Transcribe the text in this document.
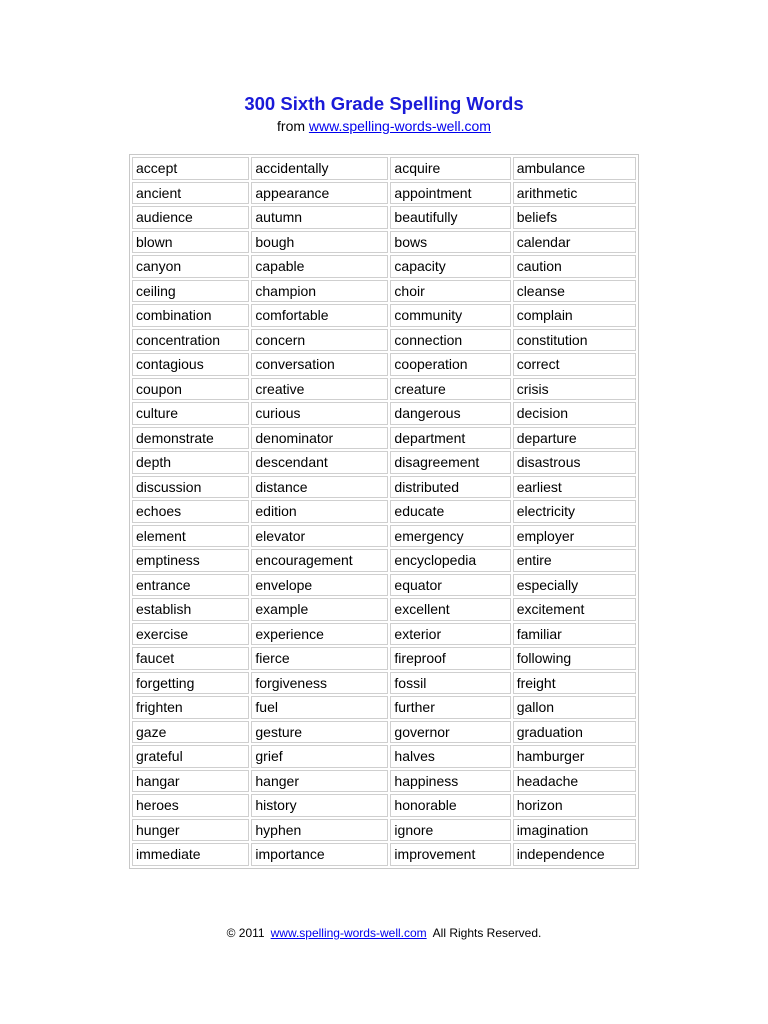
300 Sixth Grade Spelling Words
from www.spelling-words-well.com
accept	accidentally	acquire	ambulance
ancient	appearance	appointment	arithmetic
audience	autumn	beautifully	beliefs
blown	bough	bows	calendar
canyon	capable	capacity	caution
ceiling	champion	choir	cleanse
combination	comfortable	community	complain
concentration	concern	connection	constitution
contagious	conversation	cooperation	correct
coupon	creative	creature	crisis
culture	curious	dangerous	decision
demonstrate	denominator	department	departure
depth	descendant	disagreement	disastrous
discussion	distance	distributed	earliest
echoes	edition	educate	electricity
element	elevator	emergency	employer
emptiness	encouragement	encyclopedia	entire
entrance	envelope	equator	especially
establish	example	excellent	excitement
exercise	experience	exterior	familiar
faucet	fierce	fireproof	following
forgetting	forgiveness	fossil	freight
frighten	fuel	further	gallon
gaze	gesture	governor	graduation
grateful	grief	halves	hamburger
hangar	hanger	happiness	headache
heroes	history	honorable	horizon
hunger	hyphen	ignore	imagination
immediate	importance	improvement	independence
© 2011 www.spelling-words-well.com All Rights Reserved.
